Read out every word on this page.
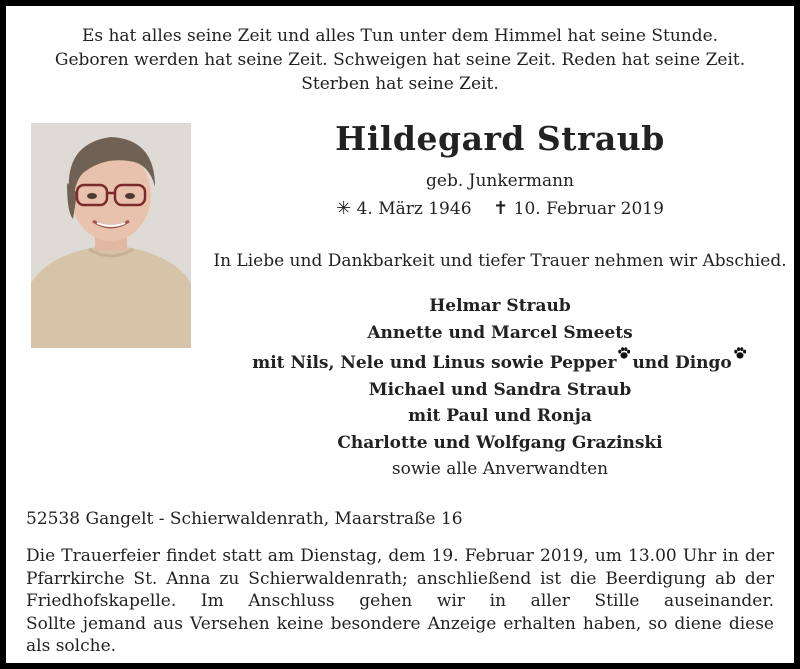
Es hat alles seine Zeit und alles Tun unter dem Himmel hat seine Stunde.
Geboren werden hat seine Zeit. Schweigen hat seine Zeit. Reden hat seine Zeit.
Sterben hat seine Zeit.
Hildegard Straub
geb. Junkermann
✳ 4. März 1946 ✝ 10. Februar 2019
In Liebe und Dankbarkeit und tiefer Trauer nehmen wir Abschied.
Helmar Straub
Annette und Marcel Smeets
mit Nils, Nele und Linus sowie Pepper und Dingo
Michael und Sandra Straub
mit Paul und Ronja
Charlotte und Wolfgang Grazinski
sowie alle Anverwandten
52538 Gangelt - Schierwaldenrath, Maarstraße 16
Die Trauerfeier findet statt am Dienstag, dem 19. Februar 2019, um 13.00 Uhr in der Pfarrkirche St. Anna zu Schierwaldenrath; anschließend ist die Beerdigung ab der Friedhofskapelle. Im Anschluss gehen wir in aller Stille auseinander.
Sollte jemand aus Versehen keine besondere Anzeige erhalten haben, so diene diese als solche.
